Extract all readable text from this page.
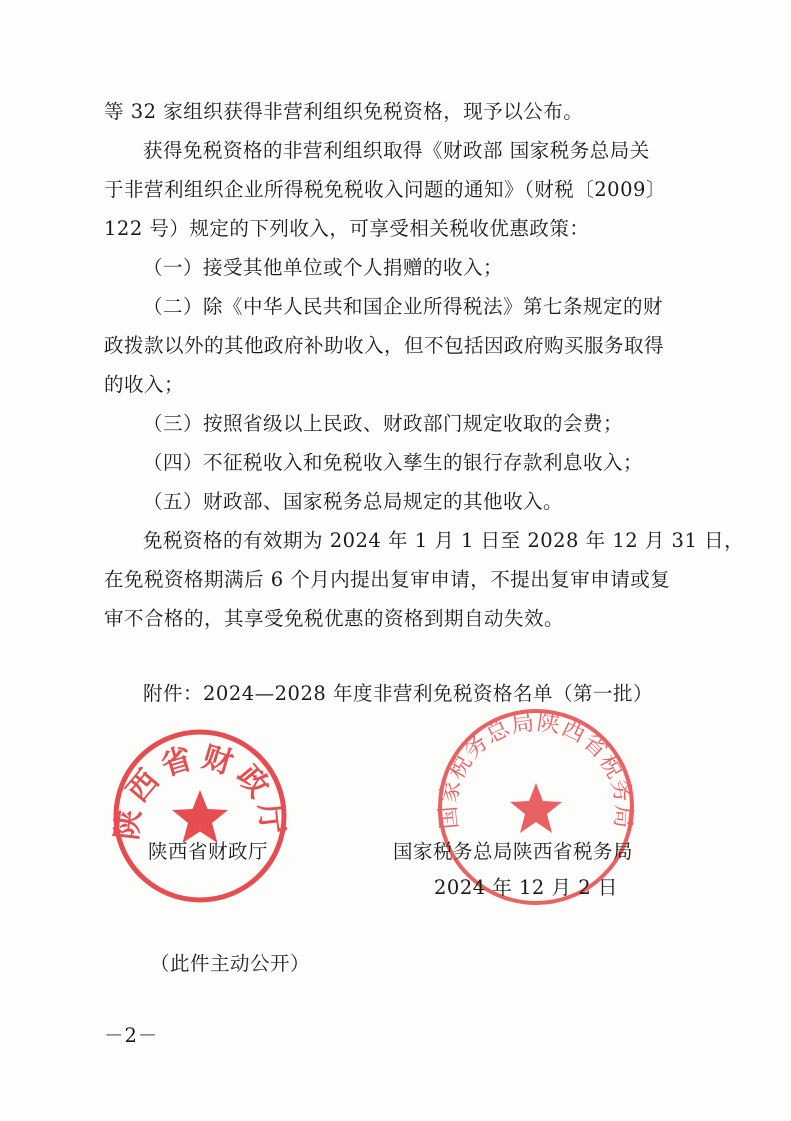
等 32 家组织获得非营利组织免税资格，现予以公布。
获得免税资格的非营利组织取得《财政部 国家税务总局关
于非营利组织企业所得税免税收入问题的通知》（财税〔2009〕
122 号）规定的下列收入，可享受相关税收优惠政策：
（一）接受其他单位或个人捐赠的收入；
（二）除《中华人民共和国企业所得税法》第七条规定的财
政拨款以外的其他政府补助收入，但不包括因政府购买服务取得
的收入；
（三）按照省级以上民政、财政部门规定收取的会费；
（四）不征税收入和免税收入孳生的银行存款利息收入；
（五）财政部、国家税务总局规定的其他收入。
免税资格的有效期为 2024 年 1 月 1 日至 2028 年 12 月 31 日，
在免税资格期满后 6 个月内提出复审申请，不提出复审申请或复
审不合格的，其享受免税优惠的资格到期自动失效。
附件：2024—2028 年度非营利免税资格名单（第一批）
陕西省财政厅	国家税务总局陕西省税务局
陕西省财政厅	国家税务总局陕西省税务局
2024 年 12 月 2 日
（此件主动公开）
－2－
